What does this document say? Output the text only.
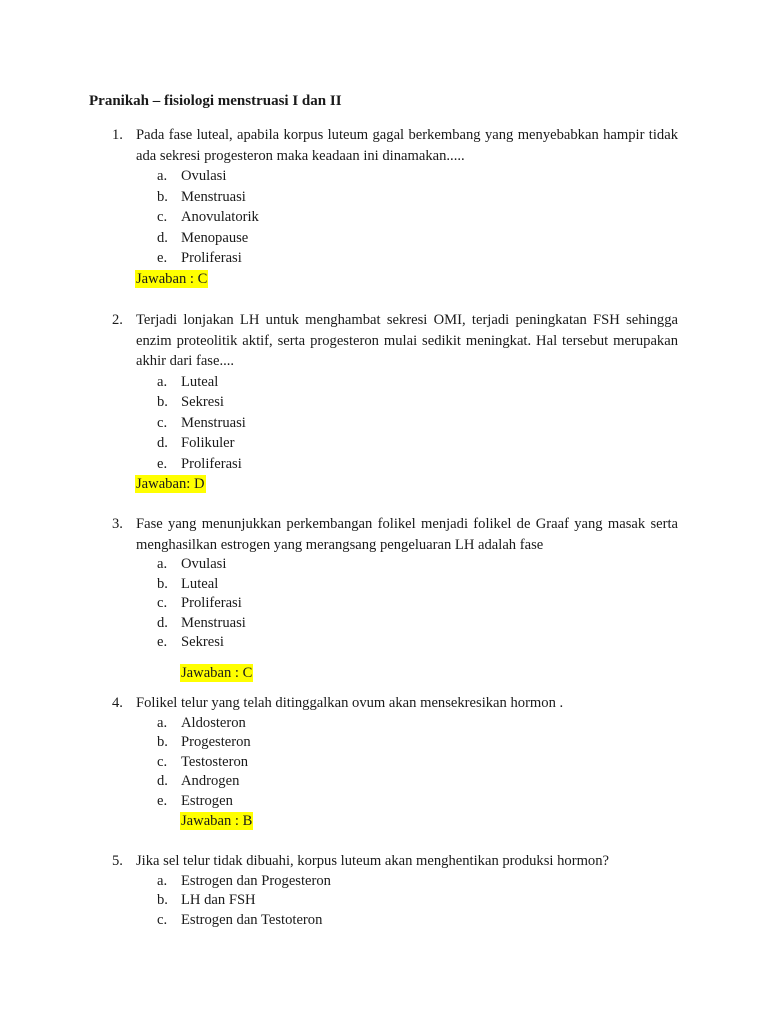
Pranikah – fisiologi menstruasi I dan II
1. Pada fase luteal, apabila korpus luteum gagal berkembang yang menyebabkan hampir tidak ada sekresi progesteron maka keadaan ini dinamakan.....
a. Ovulasi
b. Menstruasi
c. Anovulatorik
d. Menopause
e. Proliferasi
Jawaban : C
2. Terjadi lonjakan LH untuk menghambat sekresi OMI, terjadi peningkatan FSH sehingga enzim proteolitik aktif, serta progesteron mulai sedikit meningkat. Hal tersebut merupakan akhir dari fase....
a. Luteal
b. Sekresi
c. Menstruasi
d. Folikuler
e. Proliferasi
Jawaban: D
3. Fase yang menunjukkan perkembangan folikel menjadi folikel de Graaf yang masak serta menghasilkan estrogen yang merangsang pengeluaran LH adalah fase
a. Ovulasi
b. Luteal
c. Proliferasi
d. Menstruasi
e. Sekresi
Jawaban : C
4. Folikel telur yang telah ditinggalkan ovum akan mensekresikan hormon .
a. Aldosteron
b. Progesteron
c. Testosteron
d. Androgen
e. Estrogen
Jawaban : B
5. Jika sel telur tidak dibuahi, korpus luteum akan menghentikan produksi hormon?
a. Estrogen dan Progesteron
b. LH dan FSH
c. Estrogen dan Testoteron
